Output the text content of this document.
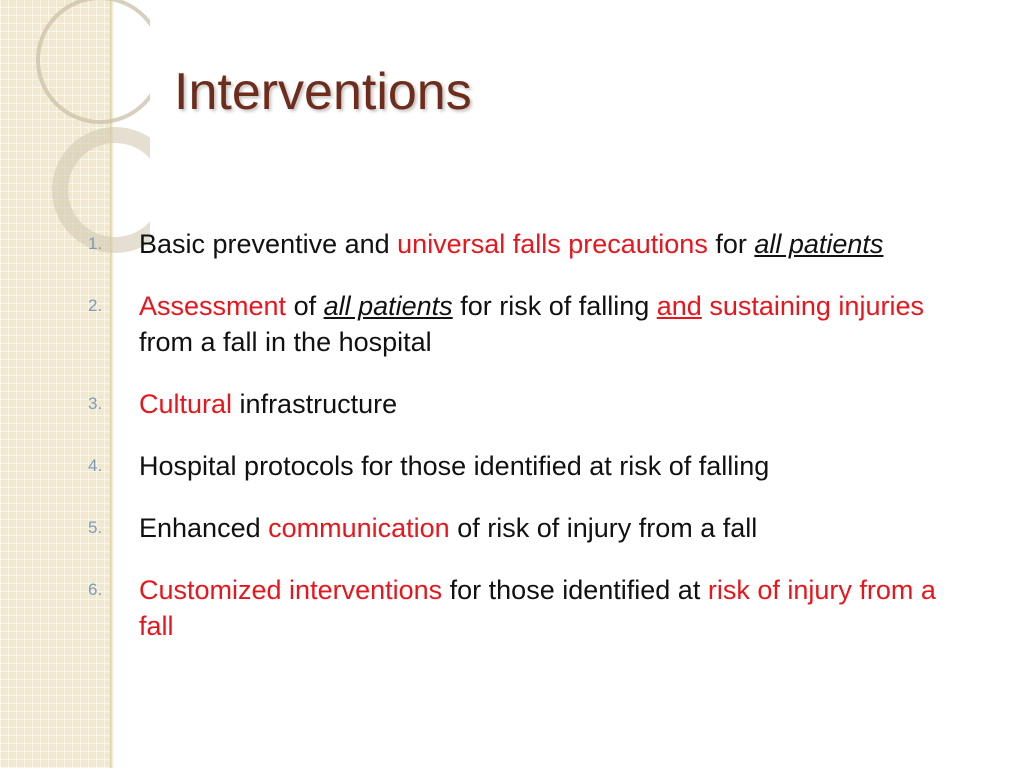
Interventions
1. Basic preventive and universal falls precautions for all patients
2. Assessment of all patients for risk of falling and sustaining injuries from a fall in the hospital
3. Cultural infrastructure
4. Hospital protocols for those identified at risk of falling
5. Enhanced communication of risk of injury from a fall
6. Customized interventions for those identified at risk of injury from a fall
